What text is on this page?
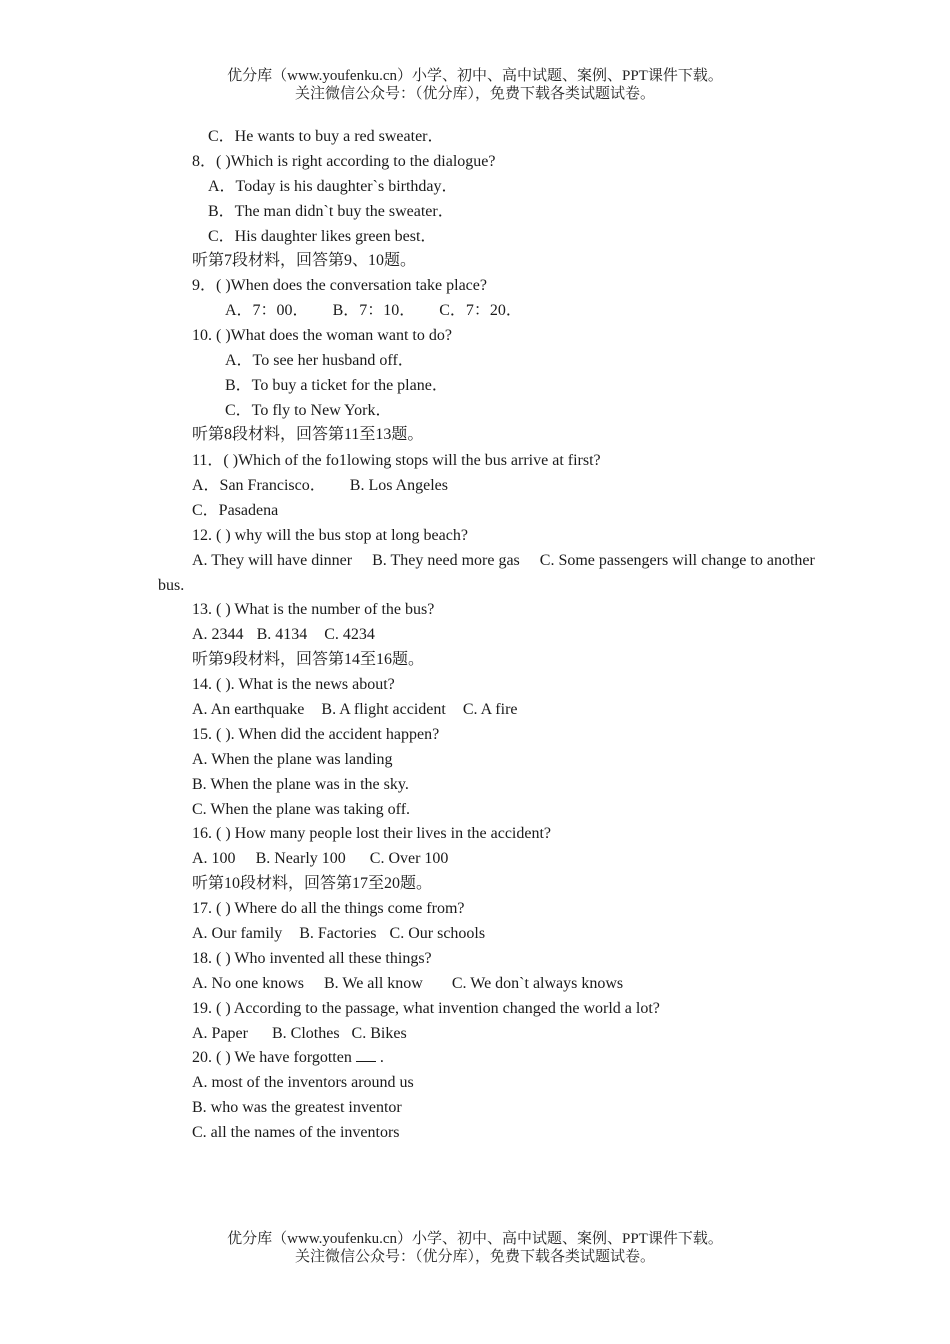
优分库（www.youfenku.cn）小学、初中、高中试题、案例、PPT课件下载。
关注微信公众号：（优分库），免费下载各类试题试卷。
C．He wants to buy a red sweater．
8．( )Which is right according to the dialogue?
A．Today is his daughter`s birthday．
B．The man didn`t buy the sweater．
C．His daughter likes green best．
听第7段材料，回答第9、10题。
9．( )When does the conversation take place?
A．7：00． B．7：10． C．7：20．
10. ( )What does the woman want to do?
A．To see her husband off．
B．To buy a ticket for the plane．
C．To fly to New York．
听第8段材料，回答第11至13题。
11．( )Which of the fo1lowing stops will the bus arrive at first?
A．San Francisco． B. Los Angeles
C．Pasadena
12. ( ) why will the bus stop at long beach?
A. They will have dinner B. They need more gas C. Some passengers will change to another
bus.
13. ( ) What is the number of the bus?
A. 2344 B. 4134 C. 4234
听第9段材料，回答第14至16题。
14. ( ). What is the news about?
A. An earthquake B. A flight accident C. A fire
15. ( ). When did the accident happen?
A. When the plane was landing
B. When the plane was in the sky.
C. When the plane was taking off.
16. ( ) How many people lost their lives in the accident?
A. 100 B. Nearly 100 C. Over 100
听第10段材料，回答第17至20题。
17. ( ) Where do all the things come from?
A. Our family B. Factories C. Our schools
18. ( ) Who invented all these things?
A. No one knows B. We all know C. We don`t always knows
19. ( ) According to the passage, what invention changed the world a lot?
A. Paper B. Clothes C. Bikes
20. ( ) We have forgotten  .
A. most of the inventors around us
B. who was the greatest inventor
C. all the names of the inventors
优分库（www.youfenku.cn）小学、初中、高中试题、案例、PPT课件下载。
关注微信公众号：（优分库），免费下载各类试题试卷。
